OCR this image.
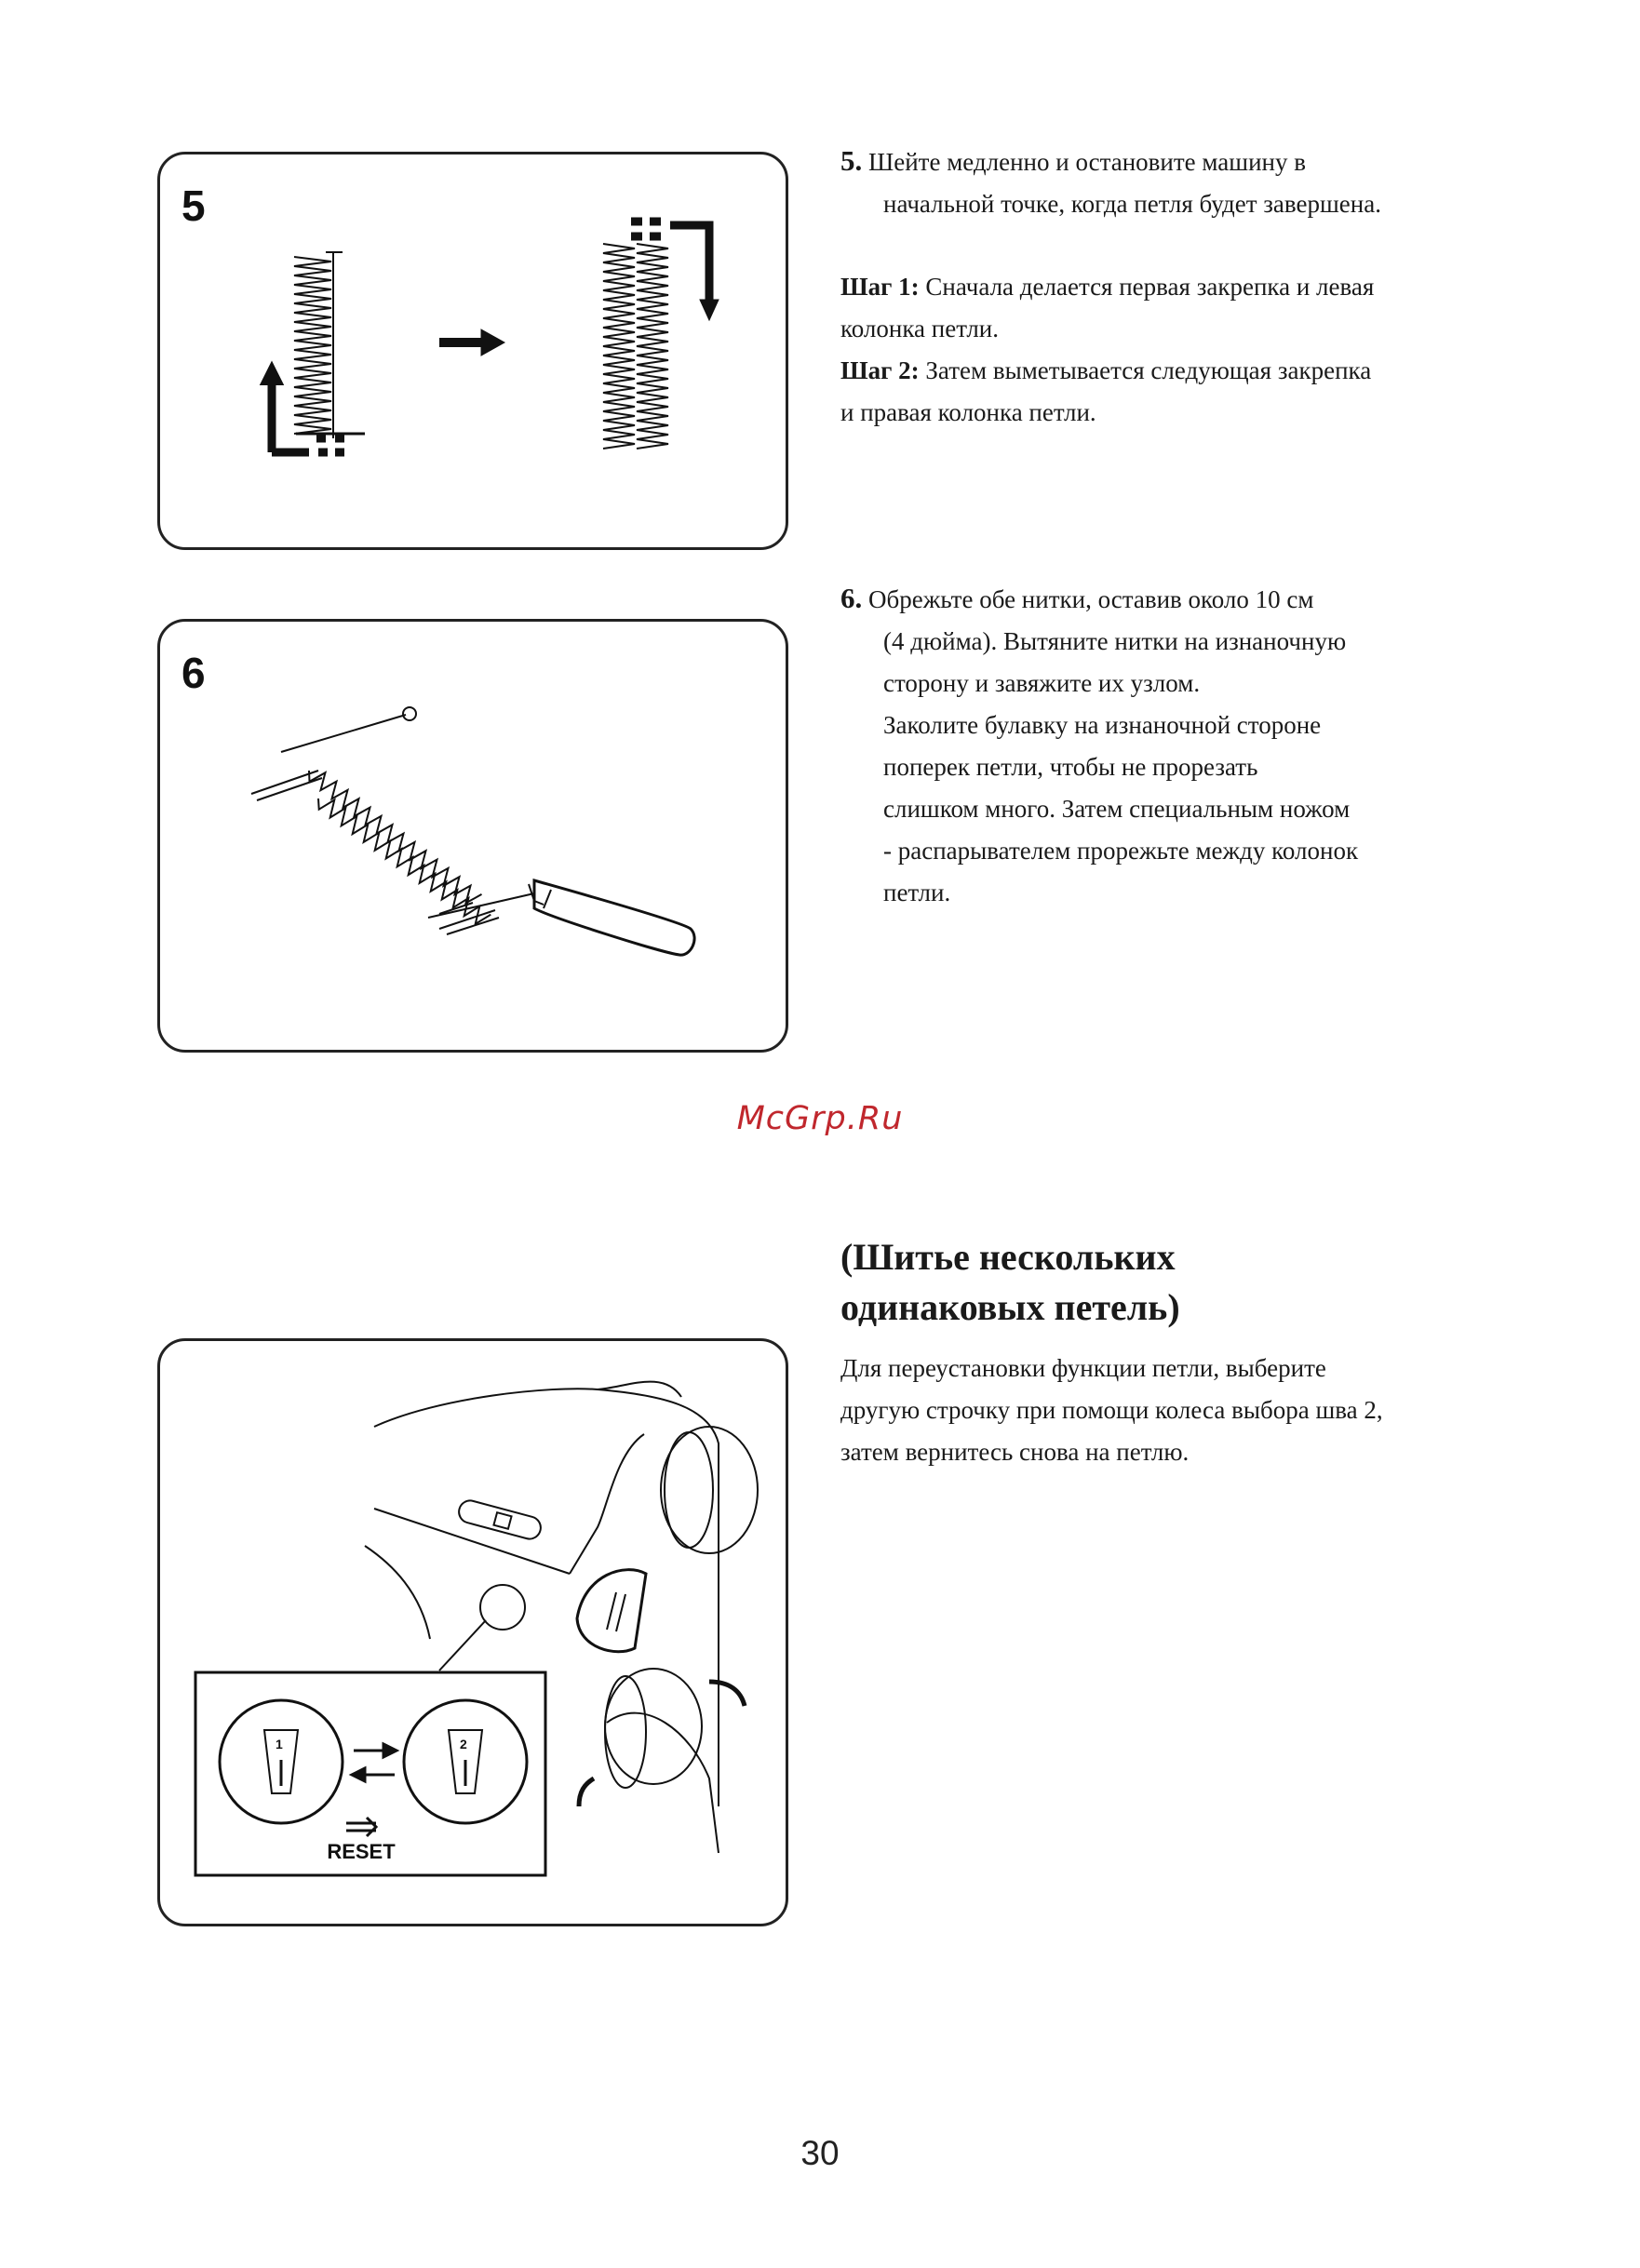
5
6
1	2
RESET
5. Шейте медленно и остановите машину в
начальной точке, когда петля будет завершена.
Шаг 1: Сначала делается первая закрепка и левая
колонка петли.
Шаг 2: Затем выметывается следующая закрепка
и правая колонка петли.
6. Обрежьте обе нитки, оставив около 10 см
(4 дюйма). Вытяните нитки на изнаночную
сторону и завяжите их узлом.
Заколите булавку на изнаночной стороне
поперек петли, чтобы не прорезать
слишком много. Затем специальным ножом
- распарывателем прорежьте между колонок
петли.
McGrp.Ru
(Шитье нескольких
одинаковых петель)
Для переустановки функции петли, выберите
другую строчку при помощи колеса выбора шва 2,
затем вернитесь снова на петлю.
30
